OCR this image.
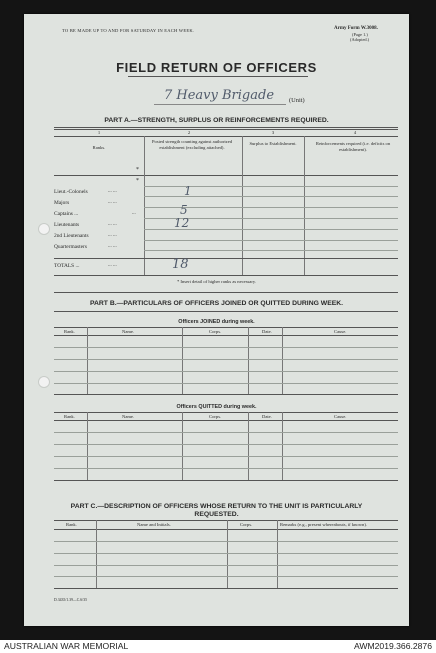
TO BE MADE UP TO AND FOR SATURDAY IN EACH WEEK.	Army Form W.3008.
(Page 1.)
(Adopted.)
FIELD RETURN OF OFFICERS
7 Heavy Brigade (Unit)
PART A.—STRENGTH, SURPLUS OR REINFORCEMENTS REQUIRED.
1	2	3	4
Ranks.
Posted strength counting against authorized establishment (excluding attached).
Surplus to Establishment.	Reinforcements required (i.e. deficits on establishment).
*
*
Lieut.-Colonels	... ...	1
Majors	... ...
Captains ...	...	5
Lieutenants	... ...	12
2nd Lieutenants	... ...
Quartermasters	... ...
TOTALS ...	... ...	18
* Insert detail of higher ranks as necessary.
PART B.—PARTICULARS OF OFFICERS JOINED OR QUITTED DURING WEEK.
Officers JOINED during week.
Rank.	Name.	Corps.	Date.	Cause.
Officers QUITTED during week.
Rank.	Name.	Corps.	Date.	Cause.
PART C.—DESCRIPTION OF OFFICERS WHOSE RETURN TO THE UNIT IS PARTICULARLY
REQUESTED.
Rank.	Name and Initials.	Corps.	Remarks (e.g., present whereabouts, if known).
D.3435/1.39—C.6/35
AUSTRALIAN WAR MEMORIAL	AWM2019.366.2876
